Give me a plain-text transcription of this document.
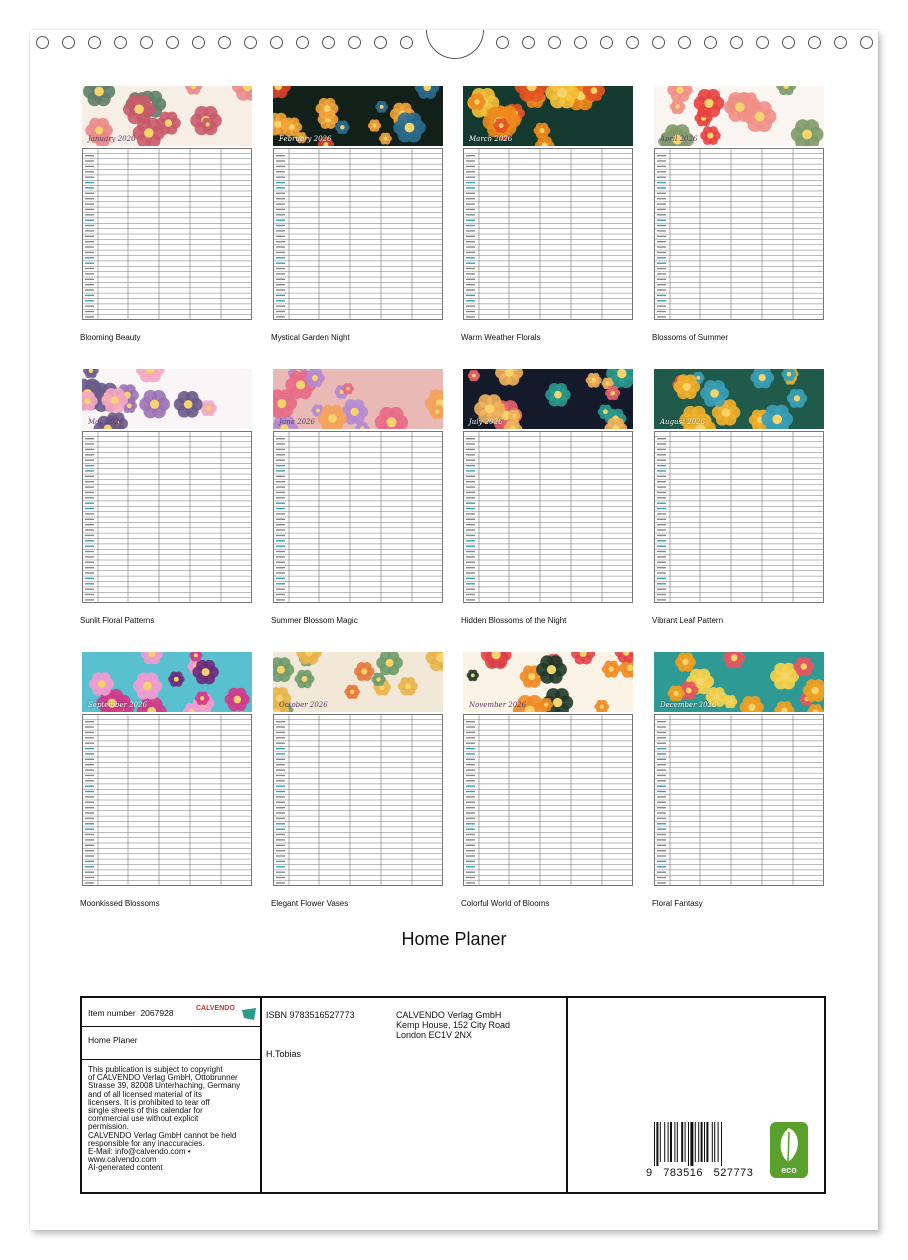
January 2026
Blooming Beauty
February 2026
Mystical Garden Night
March 2026
Warm Weather Florals
April 2026
Blossoms of Summer
May 2026
Sunlit Floral Patterns
June 2026
Summer Blossom Magic
July 2026
Hidden Blossoms of the Night
August 2026
Vibrant Leaf Pattern
September 2026
Moonkissed Blossoms
October 2026
Elegant Flower Vases
November 2026
Colorful World of Blooms
December 2026
Floral Fantasy
Home Planer
Item number 2067928	CALVENDO
Home Planer
This publication is subject to copyright
of CALVENDO Verlag GmbH, Ottobrunner
Strasse 39, 82008 Unterhaching, Germany
and of all licensed material of its
licensers. It is prohibited to tear off
single sheets of this calendar for
commercial use without explicit
permission.
CALVENDO Verlag GmbH cannot be held
responsible for any inaccuracies.
E-Mail: info@calvendo.com •
www.calvendo.com
AI-generated content
ISBN 9783516527773
H.Tobias
CALVENDO Verlag GmbH
Kemp House, 152 City Road
London EC1V 2NX
9   783516   527773	eco
